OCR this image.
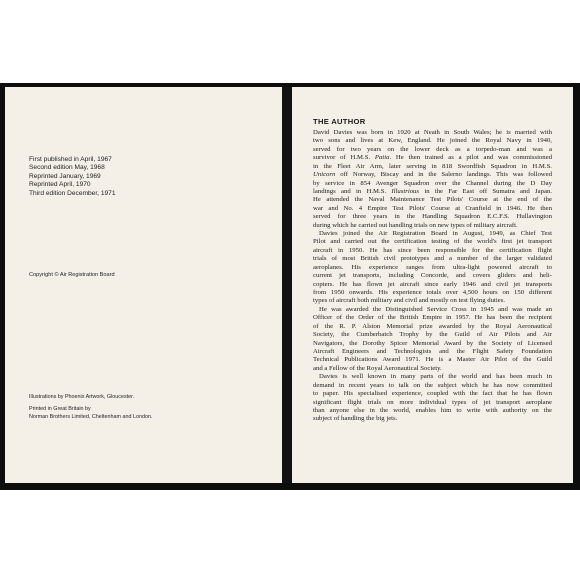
First published in April, 1967
Second edition May, 1968
Reprinted January, 1969
Reprinted April, 1970
Third edition December, 1971
Copyright © Air Registration Board
Illustrations by Phoenix Artwork, Gloucester.
Printed in Great Britain by
Norman Brothers Limited, Cheltenham and London.
THE AUTHOR
David Davies was born in 1920 at Neath in South Wales; he is married with
two sons and lives at Kew, England. He joined the Royal Navy in 1940,
served for two years on the lower deck as a torpedo-man and was a
survivor of H.M.S. Patia. He then trained as a pilot and was commissioned
in the Fleet Air Arm, later serving in 818 Swordfish Squadron in H.M.S.
Unicorn off Norway, Biscay and in the Salerno landings. This was followed
by service in 854 Avenger Squadron over the Channel during the D Day
landings and in H.M.S. Illustrious in the Far East off Sumatra and Japan.
He attended the Naval Maintenance Test Pilots' Course at the end of the
war and No. 4 Empire Test Pilots' Course at Cranfield in 1946. He then
served for three years in the Handling Squadron E.C.F.S. Hullavington
during which he carried out handling trials on new types of military aircraft.
Davies joined the Air Registration Board in August, 1949, as Chief Test
Pilot and carried out the certification testing of the world's first jet transport
aircraft in 1950. He has since been responsible for the certification flight
trials of most British civil prototypes and a number of the larger validated
aeroplanes. His experience ranges from ultra-light powered aircraft to
current jet transports, including Concorde, and covers gliders and heli-
copters. He has flown jet aircraft since early 1946 and civil jet transports
from 1950 onwards. His experience totals over 4,500 hours on 150 different
types of aircraft both military and civil and mostly on test flying duties.
He was awarded the Distinguished Service Cross in 1945 and was made an
Officer of the Order of the British Empire in 1957. He has been the recipient
of the R. P. Alston Memorial prize awarded by the Royal Aeronautical
Society, the Cumberbatch Trophy by the Guild of Air Pilots and Air
Navigators, the Dorothy Spicer Memorial Award by the Society of Licensed
Aircraft Engineers and Technologists and the Flight Safety Foundation
Technical Publications Award 1971. He is a Master Air Pilot of the Guild
and a Fellow of the Royal Aeronautical Society.
Davies is well known in many parts of the world and has been much in
demand in recent years to talk on the subject which he has now committed
to paper. His specialised experience, coupled with the fact that he has flown
significant flight trials on more individual types of jet transport aeroplane
than anyone else in the world, enables him to write with authority on the
subject of handling the big jets.
